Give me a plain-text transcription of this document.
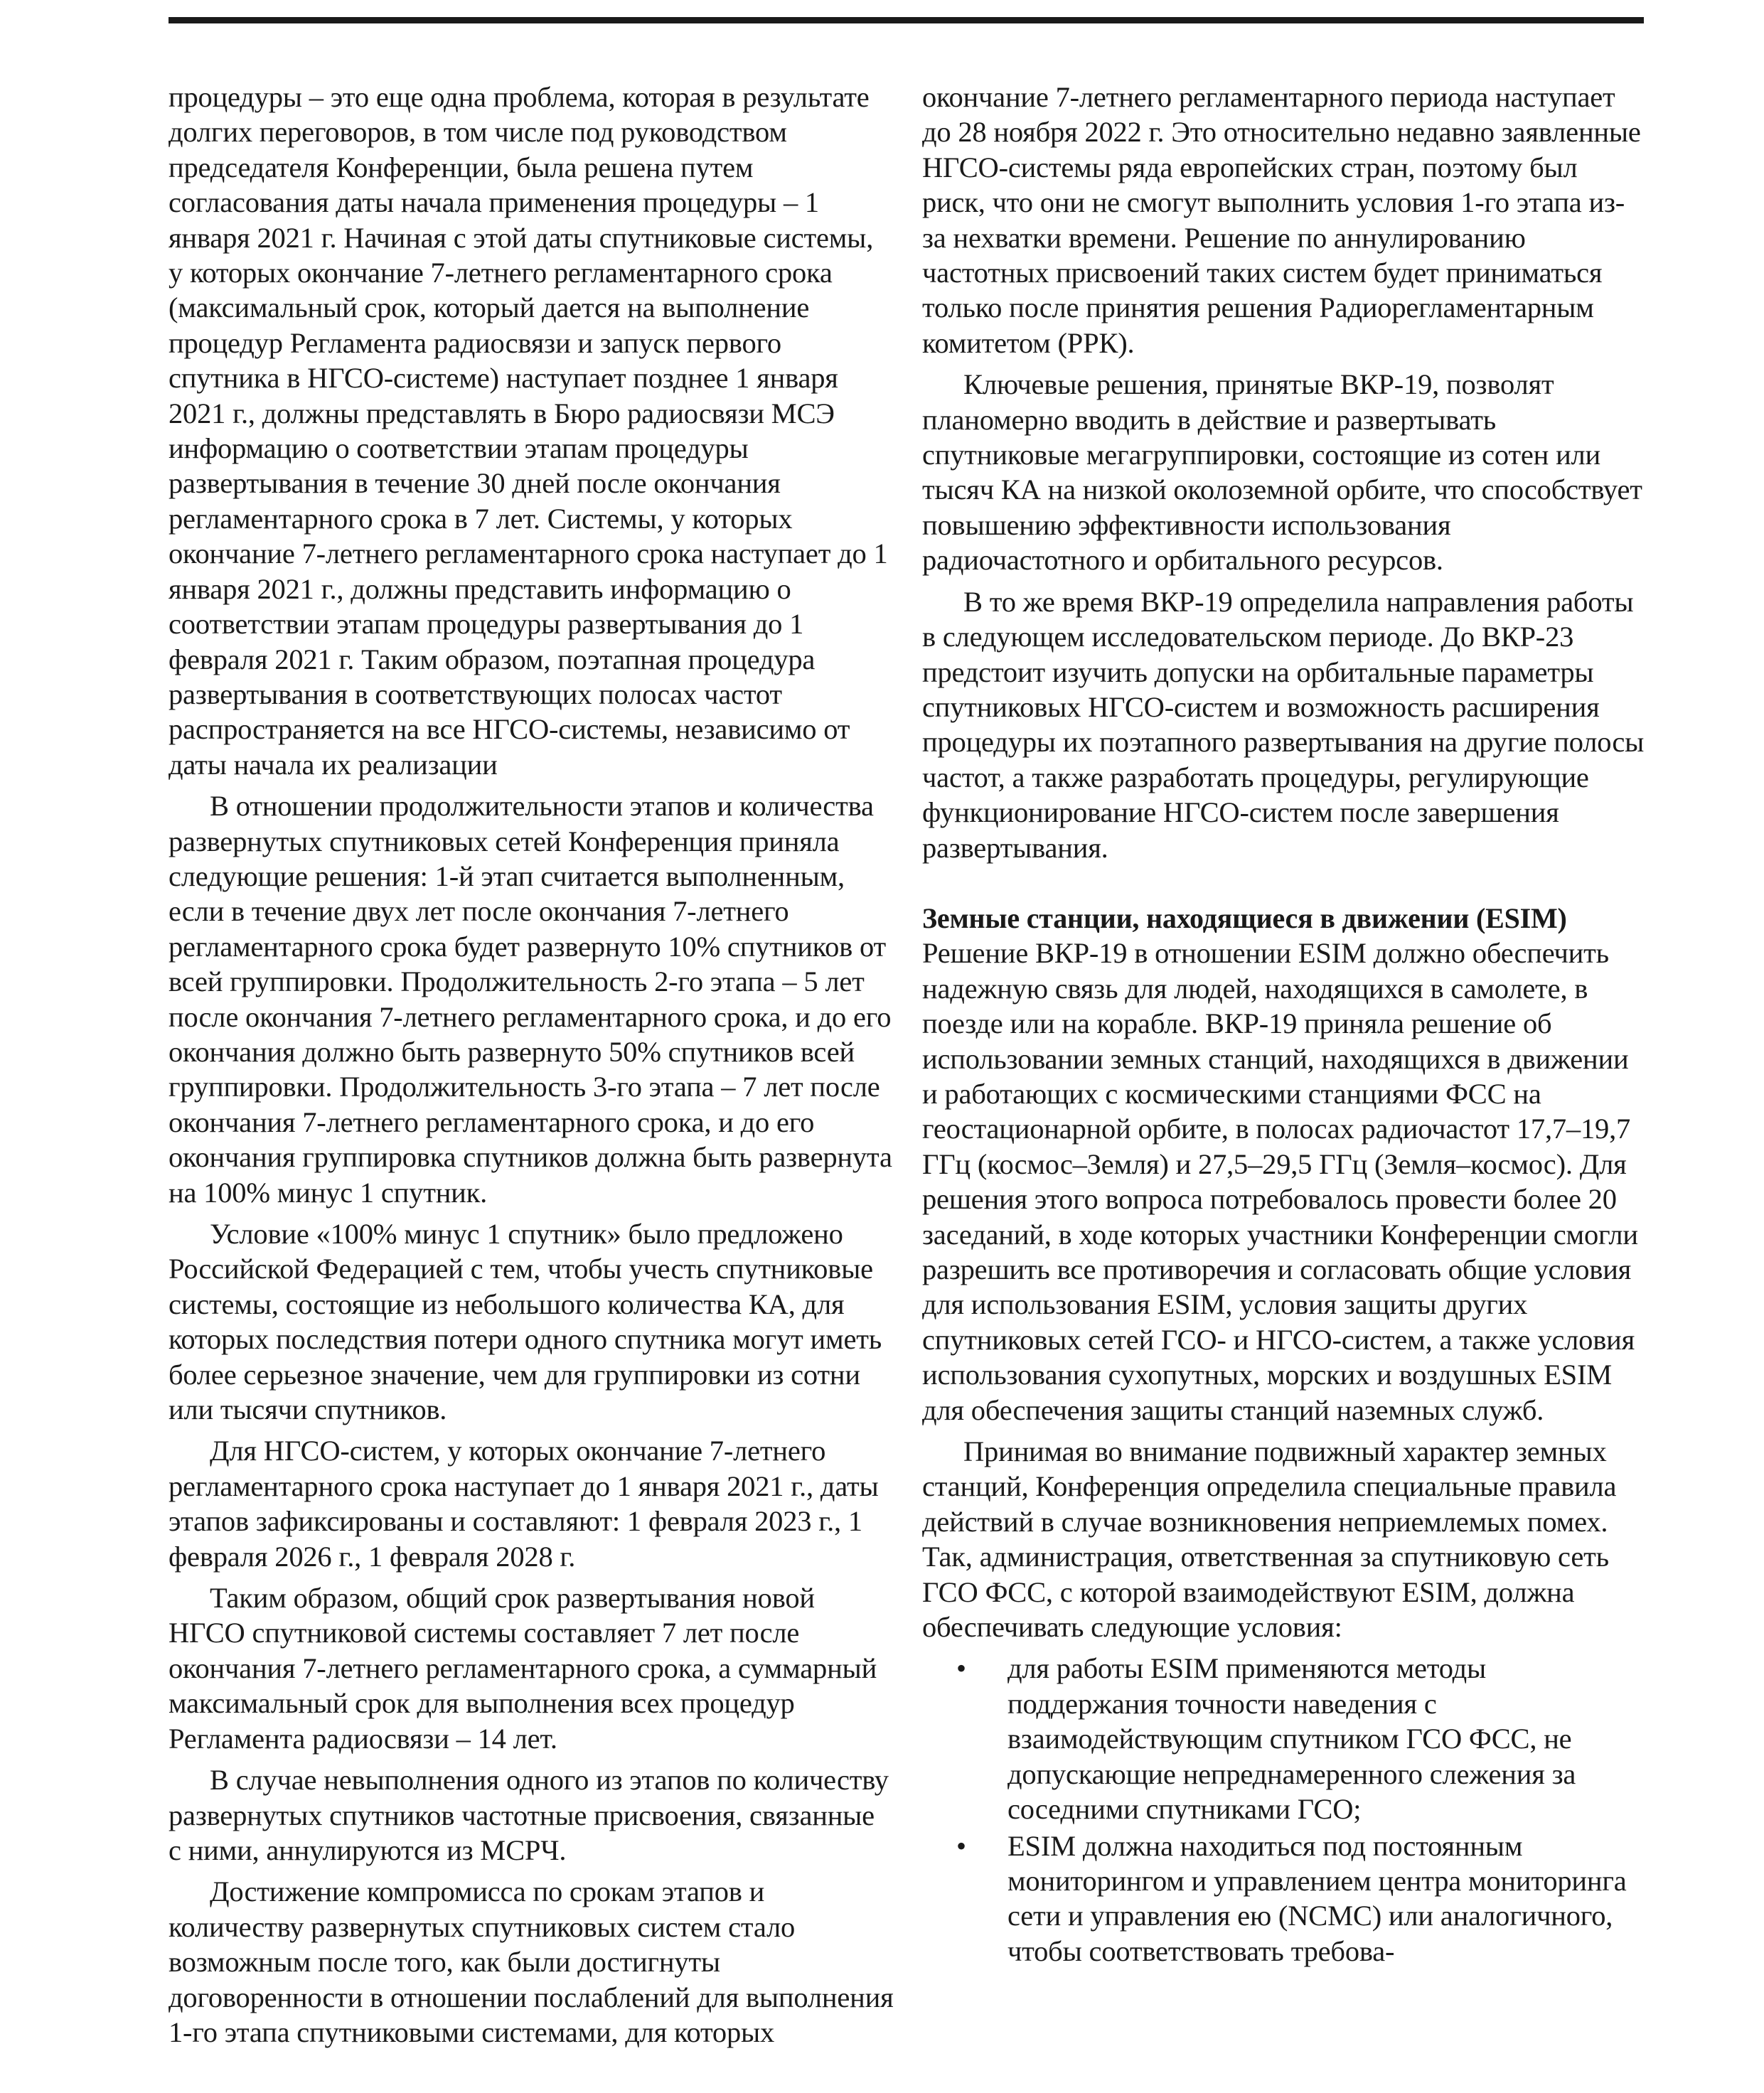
процедуры – это еще одна проблема, которая в результате долгих переговоров, в том числе под руководством председателя Конференции, была решена путем согласования даты начала применения процедуры – 1 января 2021 г. Начиная с этой даты спутниковые системы, у которых окончание 7-летнего регламентарного срока (максимальный срок, который дается на выполнение процедур Регламента радиосвязи и запуск первого спутника в НГСО-системе) наступает позднее 1 января 2021 г., должны представлять в Бюро радиосвязи МСЭ информацию о соответствии этапам процедуры развертывания в течение 30 дней после окончания регламентарного срока в 7 лет. Системы, у которых окончание 7-летнего регламентарного срока наступает до 1 января 2021 г., должны представить информацию о соответствии этапам процедуры развертывания до 1 февраля 2021 г. Таким образом, поэтапная процедура развертывания в соответствующих полосах частот распространяется на все НГСО-системы, независимо от даты начала их реализации

В отношении продолжительности этапов и количества развернутых спутниковых сетей Конференция приняла следующие решения: 1-й этап считается выполненным, если в течение двух лет после окончания 7-летнего регламентарного срока будет развернуто 10% спутников от всей группировки. Продолжительность 2-го этапа – 5 лет после окончания 7-летнего регламентарного срока, и до его окончания должно быть развернуто 50% спутников всей группировки. Продолжительность 3-го этапа – 7 лет после окончания 7-летнего регламентарного срока, и до его окончания группировка спутников должна быть развернута на 100% минус 1 спутник.

Условие «100% минус 1 спутник» было предложено Российской Федерацией с тем, чтобы учесть спутниковые системы, состоящие из небольшого количества КА, для которых последствия потери одного спутника могут иметь более серьезное значение, чем для группировки из сотни или тысячи спутников.

Для НГСО-систем, у которых окончание 7-летнего регламентарного срока наступает до 1 января 2021 г., даты этапов зафиксированы и составляют: 1 февраля 2023 г., 1 февраля 2026 г., 1 февраля 2028 г.

Таким образом, общий срок развертывания новой НГСО спутниковой системы составляет 7 лет после окончания 7-летнего регламентарного срока, а суммарный максимальный срок для выполнения всех процедур Регламента радиосвязи – 14 лет.

В случае невыполнения одного из этапов по количеству развернутых спутников частотные присвоения, связанные с ними, аннулируются из МСРЧ.

Достижение компромисса по срокам этапов и количеству развернутых спутниковых систем стало возможным после того, как были достигнуты договоренности в отношении послаблений для выполнения 1-го этапа спутниковыми системами, для которых

окончание 7-летнего регламентарного периода наступает до 28 ноября 2022 г. Это относительно недавно заявленные НГСО-системы ряда европейских стран, поэтому был риск, что они не смогут выполнить условия 1-го этапа из-за нехватки времени. Решение по аннулированию частотных присвоений таких систем будет приниматься только после принятия решения Радиорегламентарным комитетом (РРК).

Ключевые решения, принятые ВКР-19, позволят планомерно вводить в действие и развертывать спутниковые мегагруппировки, состоящие из сотен или тысяч КА на низкой околоземной орбите, что способствует повышению эффективности использования радиочастотного и орбитального ресурсов.

В то же время ВКР-19 определила направления работы в следующем исследовательском периоде. До ВКР-23 предстоит изучить допуски на орбитальные параметры спутниковых НГСО-систем и возможность расширения процедуры их поэтапного развертывания на другие полосы частот, а также разработать процедуры, регулирующие функционирование НГСО-систем после завершения развертывания.

Земные станции, находящиеся в движении (ESIM)

Решение ВКР-19 в отношении ESIM должно обеспечить надежную связь для людей, находящихся в самолете, в поезде или на корабле. ВКР-19 приняла решение об использовании земных станций, находящихся в движении и работающих с космическими станциями ФСС на геостационарной орбите, в полосах радиочастот 17,7–19,7 ГГц (космос–Земля) и 27,5–29,5 ГГц (Земля–космос). Для решения этого вопроса потребовалось провести более 20 заседаний, в ходе которых участники Конференции смогли разрешить все противоречия и согласовать общие условия для использования ESIM, условия защиты других спутниковых сетей ГСО- и НГСО-систем, а также условия использования сухопутных, морских и воздушных ESIM для обеспечения защиты станций наземных служб.

Принимая во внимание подвижный характер земных станций, Конференция определила специальные правила действий в случае возникновения неприемлемых помех. Так, администрация, ответственная за спутниковую сеть ГСО ФСС, с которой взаимодействуют ESIM, должна обеспечивать следующие условия:

• для работы ESIM применяются методы поддержания точности наведения с взаимодействующим спутником ГСО ФСС, не допускающие непреднамеренного слежения за соседними спутниками ГСО;
• ESIM должна находиться под постоянным мониторингом и управлением центра мониторинга сети и управления ею (NCMC) или аналогичного, чтобы соответствовать требова-
